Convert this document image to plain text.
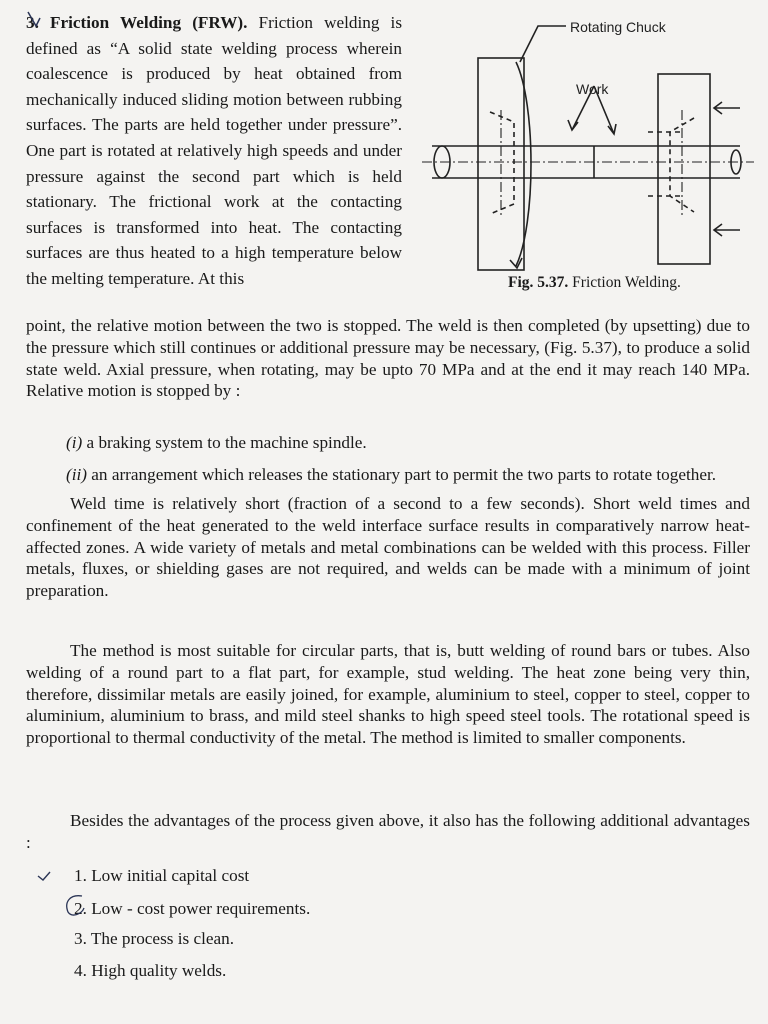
3. Friction Welding (FRW). Friction welding is defined as “A solid state welding process wherein coalescence is produced by heat obtained from mechanically induced sliding motion between rubbing surfaces. The parts are held together under pressure”. One part is rotated at relatively high speeds and under pressure against the second part which is held stationary. The frictional work at the contacting surfaces is transformed into heat. The contacting surfaces are thus heated to a high temperature below the melting temperature. At this
Rotating Chuck
Work
Fig. 5.37. Friction Welding.
point, the relative motion between the two is stopped. The weld is then completed (by upsetting) due to the pressure which still continues or additional pressure may be necessary, (Fig. 5.37), to produce a solid state weld. Axial pressure, when rotating, may be upto 70 MPa and at the end it may reach 140 MPa. Relative motion is stopped by :
(i) a braking system to the machine spindle.
(ii) an arrangement which releases the stationary part to permit the two parts to rotate together.
Weld time is relatively short (fraction of a second to a few seconds). Short weld times and confinement of the heat generated to the weld interface surface results in comparatively narrow heat-affected zones. A wide variety of metals and metal combinations can be welded with this process. Filler metals, fluxes, or shielding gases are not required, and welds can be made with a minimum of joint preparation.
The method is most suitable for circular parts, that is, butt welding of round bars or tubes. Also welding of a round part to a flat part, for example, stud welding. The heat zone being very thin, therefore, dissimilar metals are easily joined, for example, aluminium to steel, copper to steel, copper to aluminium, aluminium to brass, and mild steel shanks to high speed steel tools. The rotational speed is proportional to thermal conductivity of the metal. The method is limited to smaller components.
Besides the advantages of the process given above, it also has the following additional advantages :
1. Low initial capital cost
2. Low - cost power requirements.
3. The process is clean.
4. High quality welds.
